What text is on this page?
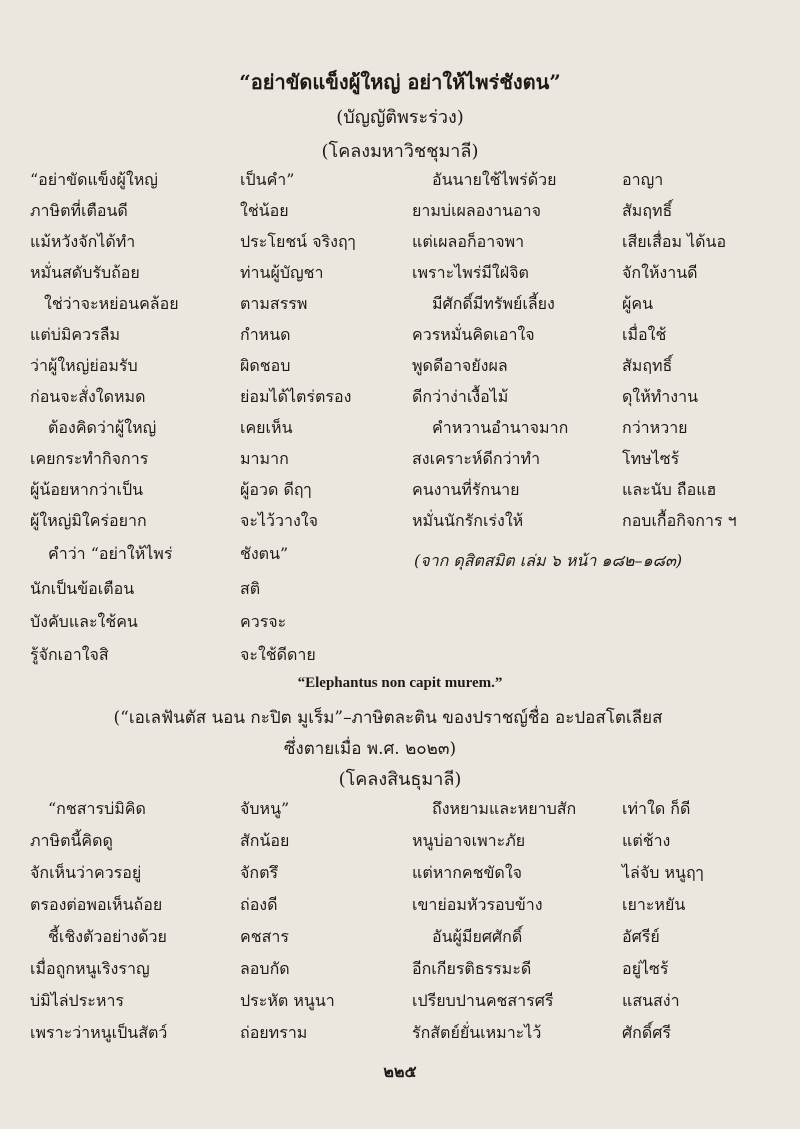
“อย่าขัดแข็งผู้ใหญ่ อย่าให้ไพร่ชังตน”
(บัญญัติพระร่วง)
(โคลงมหาวิชชุมาลี)
“อย่าขัดแข็งผู้ใหญ่	เป็นคำ”	อันนายใช้ไพร่ด้วย	อาญา
ภาษิตที่เตือนดี	ใช่น้อย	ยามบ่เผลองานอาจ	สัมฤทธิ์
แม้หวังจักได้ทำ	ประโยชน์ จริงฤๅ	แต่เผลอก็อาจพา	เสียเสื่อม ได้นอ
หมั่นสดับรับถ้อย	ท่านผู้บัญชา	เพราะไพร่มีใฝ่จิต	จักให้งานดี
ใช่ว่าจะหย่อนคล้อย	ตามสรรพ	มีศักดิ์มีทรัพย์เลี้ยง	ผู้คน
แต่บ่มิควรลืม	กำหนด	ควรหมั่นคิดเอาใจ	เมื่อใช้
ว่าผู้ใหญ่ย่อมรับ	ผิดชอบ	พูดดีอาจยังผล	สัมฤทธิ์
ก่อนจะสั่งใดหมด	ย่อมได้ไตร่ตรอง	ดีกว่าง่าเงื้อไม้	ดุให้ทำงาน
ต้องคิดว่าผู้ใหญ่	เคยเห็น	คำหวานอำนาจมาก	กว่าหวาย
เคยกระทำกิจการ	มามาก	สงเคราะห์ดีกว่าทำ	โทษไซร้
ผู้น้อยหากว่าเป็น	ผู้อวด ดีฤๅ	คนงานที่รักนาย	และนับ ถือแฮ
ผู้ใหญ่มิใคร่อยาก	จะไว้วางใจ	หมั่นนักรักเร่งให้	กอบเกื้อกิจการ ฯ
คำว่า “อย่าให้ไพร่	ชังตน”	(จาก ดุสิตสมิต เล่ม ๖ หน้า ๑๘๒–๑๘๓)
นักเป็นข้อเตือน	สติ
บังคับและใช้คน	ควรจะ
รู้จักเอาใจสิ	จะใช้ดีดาย
“Elephantus non capit murem.”
(“เอเลฟันตัส นอน กะปิต มูเร็ม”–ภาษิตละติน ของปราชญ์ชื่อ อะปอสโตเลียส
ซึ่งตายเมื่อ พ.ศ. ๒๐๒๓)
(โคลงสินธุมาลี)
“กชสารบ่มิคิด	จับหนู”	ถึงหยามและหยาบสัก	เท่าใด ก็ดี
ภาษิตนี้คิดดู	สักน้อย	หนูบ่อาจเพาะภัย	แต่ช้าง
จักเห็นว่าควรอยู่	จักตรึ	แต่หากคชขัดใจ	ไล่จับ หนูฤๅ
ตรองต่อพอเห็นถ้อย	ถ่องดี	เขาย่อมหัวรอบข้าง	เยาะหยัน
ชี้เชิงตัวอย่างด้วย	คชสาร	อันผู้มียศศักดิ์	อัศรีย์
เมื่อถูกหนูเริงราญ	ลอบกัด	อีกเกียรติธรรมะดี	อยู่ไซร้
บ่มิไล่ประหาร	ประหัต หนูนา	เปรียบปานคชสารศรี	แสนสง่า
เพราะว่าหนูเป็นสัตว์	ถ่อยทราม	รักสัตย์ยั่นเหมาะไว้	ศักดิ์ศรี
๒๒๕
